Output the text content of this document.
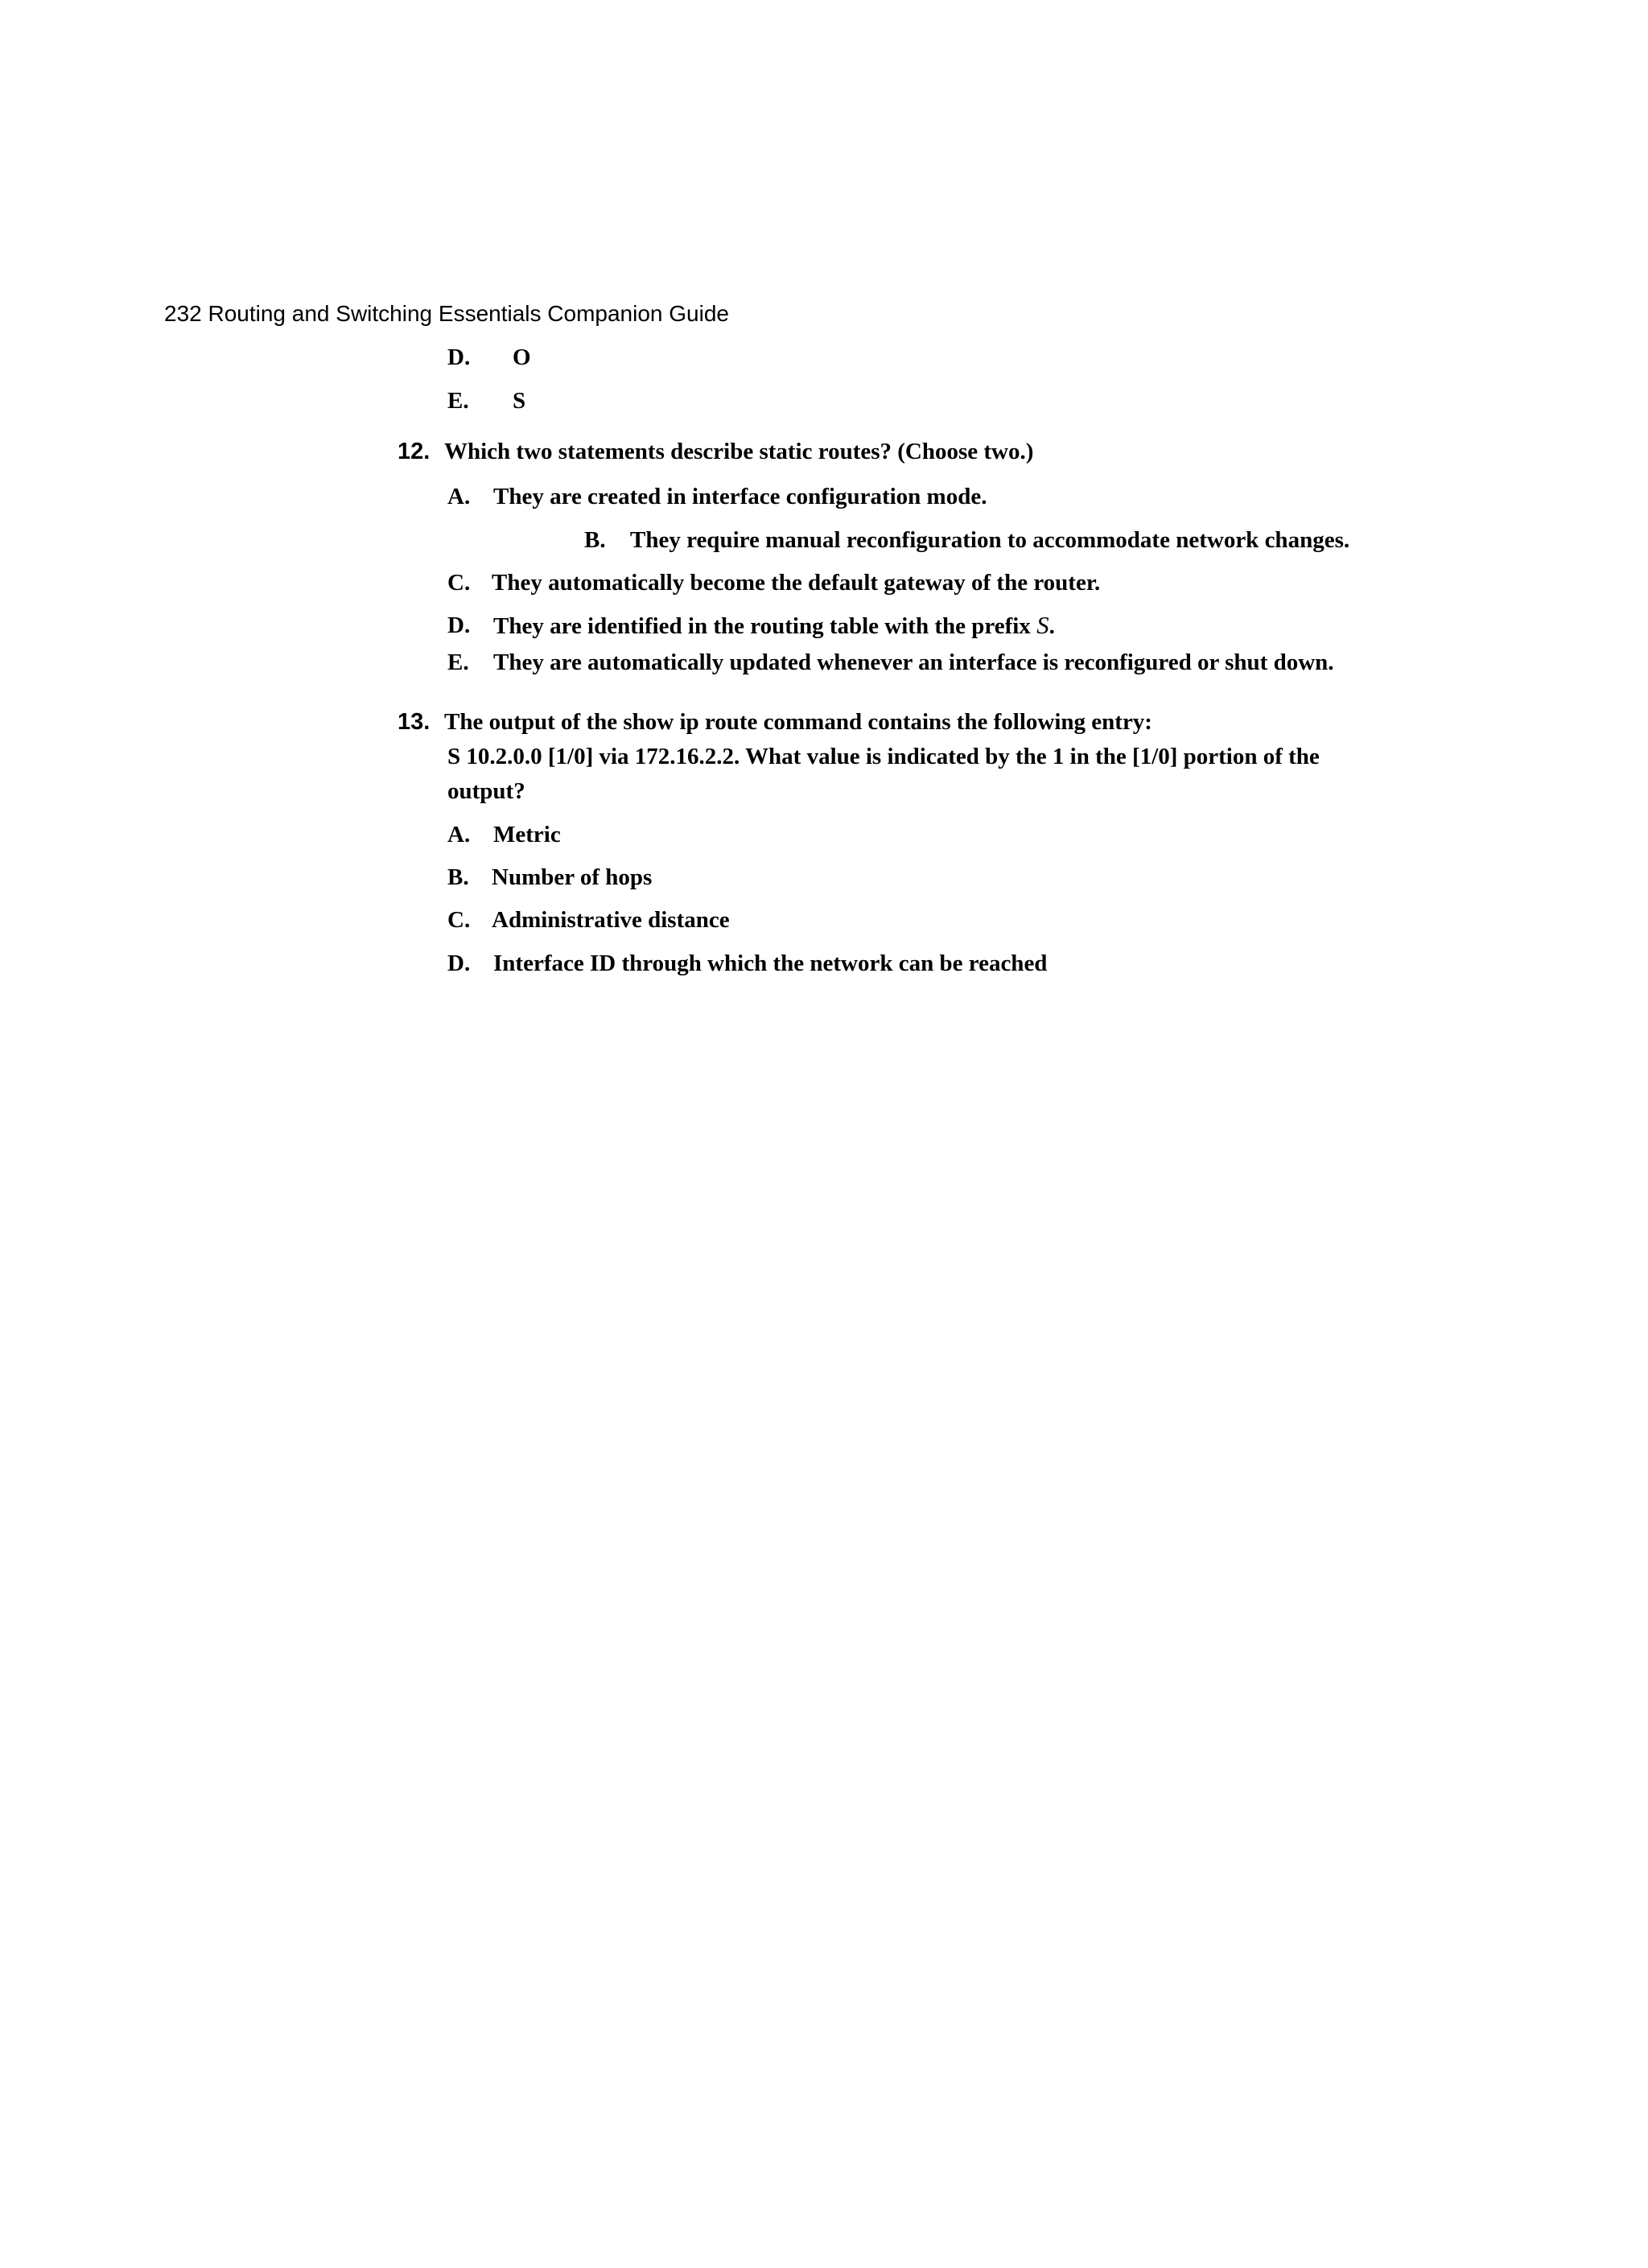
232 Routing and Switching Essentials Companion Guide
D. O
E. S
12. Which two statements describe static routes? (Choose two.)
A. They are created in interface configuration mode.
B. They require manual reconfiguration to accommodate network changes.
C. They automatically become the default gateway of the router.
D. They are identified in the routing table with the prefix S.
E. They are automatically updated whenever an interface is reconfigured or shut down.
13. The output of the show ip route command contains the following entry:
S 10.2.0.0 [1/0] via 172.16.2.2. What value is indicated by the 1 in the [1/0] portion of the
output?
A. Metric
B. Number of hops
C. Administrative distance
D. Interface ID through which the network can be reached
